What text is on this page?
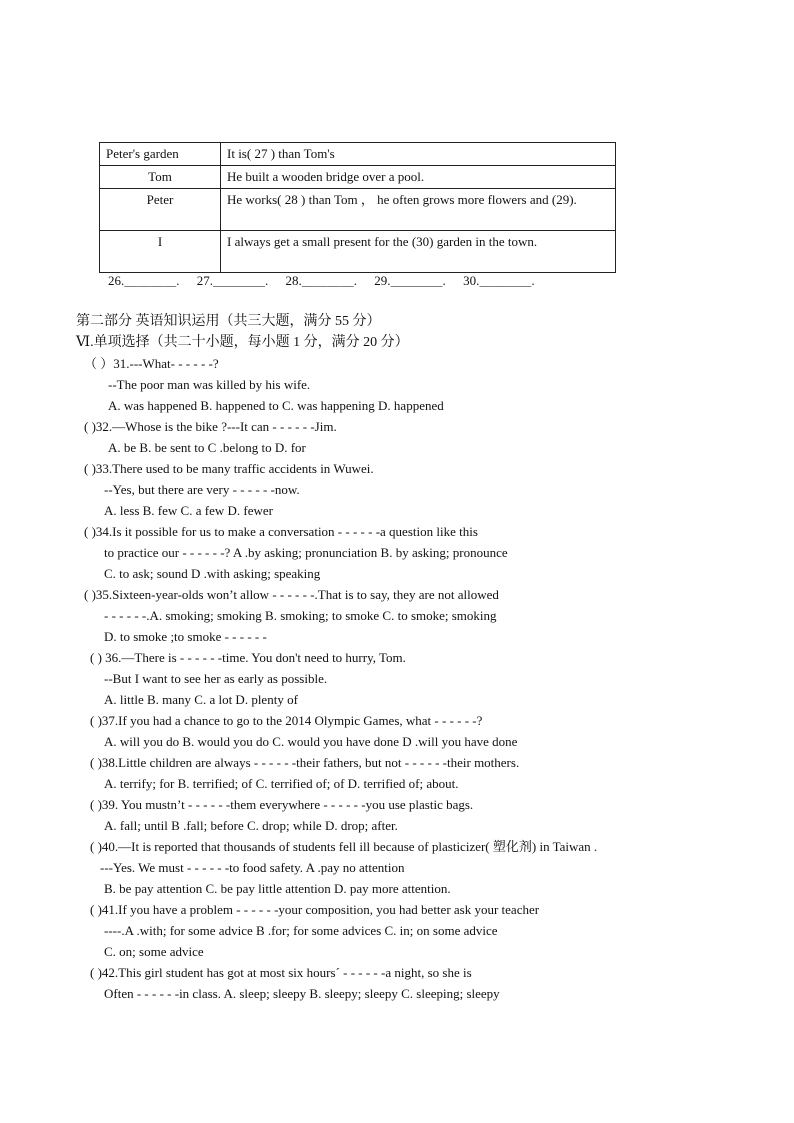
Peter's garden	It is( 27 ) than Tom's
Tom	He built a wooden bridge over a pool.
Peter	He works( 28 ) than Tom ， he often grows more flowers and (29).
I	I always get a small present for the (30) garden in the town.
26.＿＿＿＿. 27.＿＿＿＿. 28.＿＿＿＿. 29.＿＿＿＿. 30.＿＿＿＿.
第二部分 英语知识运用（共三大题，满分 55 分）
Ⅵ.单项选择（共二十小题，每小题 1 分，满分 20 分）
（ ）31.---What- - - - - -?
--The poor man was killed by his wife.
A. was happened B. happened to C. was happening D. happened
( )32.—Whose is the bike ?---It can - - - - - -Jim.
A. be B. be sent to C .belong to D. for
( )33.There used to be many traffic accidents in Wuwei.
--Yes, but there are very - - - - - -now.
A. less B. few C. a few D. fewer
( )34.Is it possible for us to make a conversation - - - - - -a question like this
to practice our - - - - - -? A .by asking; pronunciation B. by asking; pronounce
C. to ask; sound D .with asking; speaking
( )35.Sixteen-year-olds won’t allow - - - - - -.That is to say, they are not allowed
- - - - - -.A. smoking; smoking B. smoking; to smoke C. to smoke; smoking
D. to smoke ;to smoke - - - - - -
( ) 36.—There is - - - - - -time. You don't need to hurry, Tom.
--But I want to see her as early as possible.
A. little B. many C. a lot D. plenty of
( )37.If you had a chance to go to the 2014 Olympic Games, what - - - - - -?
A. will you do B. would you do C. would you have done D .will you have done
( )38.Little children are always - - - - - -their fathers, but not - - - - - -their mothers.
A. terrify; for B. terrified; of C. terrified of; of D. terrified of; about.
( )39. You mustn’t - - - - - -them everywhere - - - - - -you use plastic bags.
A. fall; until B .fall; before C. drop; while D. drop; after.
( )40.—It is reported that thousands of students fell ill because of plasticizer( 塑化剂) in Taiwan .
---Yes. We must - - - - - -to food safety. A .pay no attention
B. be pay attention C. be pay little attention D. pay more attention.
( )41.If you have a problem - - - - - -your composition, you had better ask your teacher
----.A .with; for some advice B .for; for some advices C. in; on some advice
C. on; some advice
( )42.This girl student has got at most six hours´ - - - - - -a night, so she is
Often - - - - - -in class. A. sleep; sleepy B. sleepy; sleepy C. sleeping; sleepy
